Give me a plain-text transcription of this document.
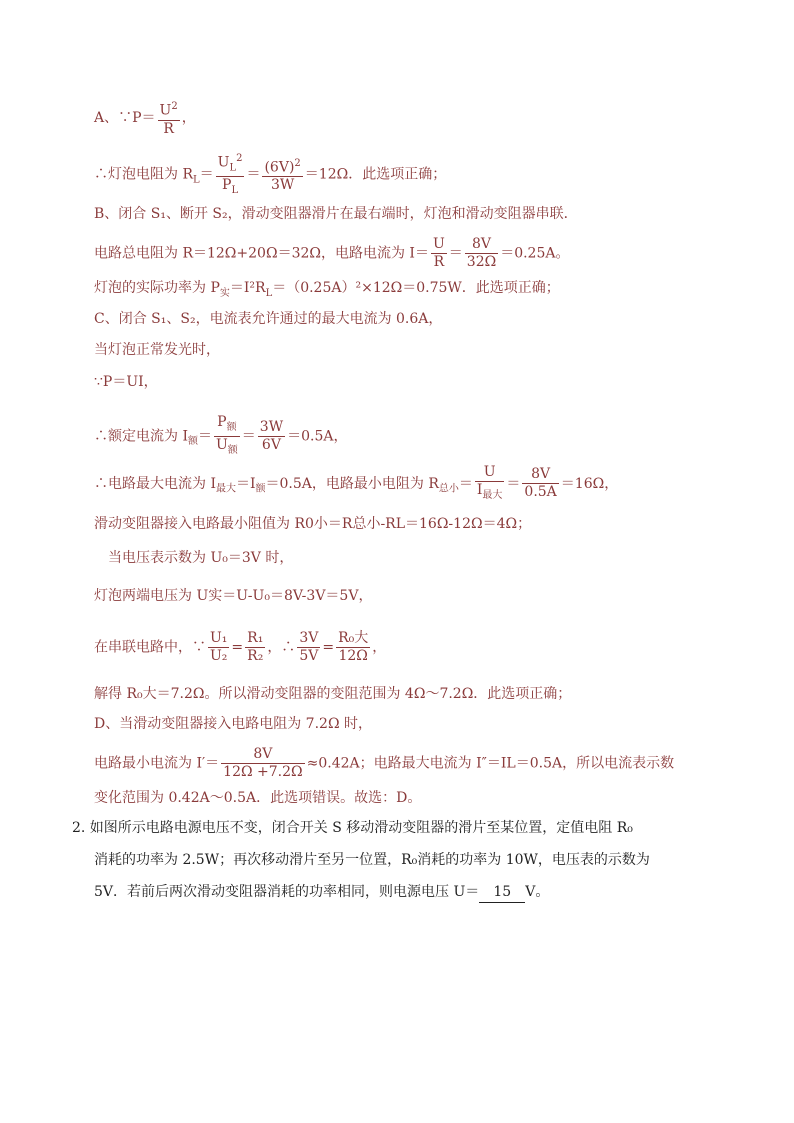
A、∵P＝ $\frac{U^2}{R}$ ，
∴灯泡电阻为 $R_L= \frac{U_L^2}{P_L} = \frac{(6V)^2}{3W} =12\Omega$．此选项正确；
B、闭合 S₁、断开 S₂，滑动变阻器滑片在最右端时，灯泡和滑动变阻器串联．
电路总电阻为 R＝12Ω+20Ω＝32Ω，电路电流为 $I= \frac{U}{R} = \frac{8V}{32\Omega} =0.25A$。
灯泡的实际功率为 $P_实=I^2R_L=(0.25A)^2\times 12\Omega=0.75W$．此选项正确；
C、闭合 S₁、S₂，电流表允许通过的最大电流为 0.6A，
当灯泡正常发光时，
∵P＝UI，
∴额定电流为 $I_额= \frac{P_额}{U_额} = \frac{3W}{6V} =0.5A$，
∴电路最大电流为 $I_{最大}=I_额=0.5A$，电路最小电阻为 $R_{总小}= \frac{U}{I_{最大}} = \frac{8V}{0.5A} =16\Omega$，
滑动变阻器接入电路最小阻值为 R0小＝R总小-RL＝16Ω-12Ω＝4Ω；
当电压表示数为 U₀＝3V 时，
灯泡两端电压为 U实＝U-U₀＝8V-3V＝5V，
在串联电路中，∵ $\frac{\text{U₁}}{\text{U₂}} = \frac{\text{R₁}}{\text{R₂}}$ ，∴ $\frac{3V}{5V} = \frac{\text{R₀大}}{12\Omega}$ ，
解得 R₀大＝7.2Ω。所以滑动变阻器的变阻范围为 4Ω～7.2Ω．此选项正确；
D、当滑动变阻器接入电路电阻为 7.2Ω 时，
电路最小电流为 $I'= \frac{8V}{12\Omega +7.2\Omega} \approx 0.42A$；电路最大电流为 I″＝IL＝0.5A，所以电流表示数
变化范围为 0.42A～0.5A．此选项错误。故选：D。
2. 如图所示电路电源电压不变，闭合开关 S 移动滑动变阻器的滑片至某位置，定值电阻 R₀
消耗的功率为 2.5W；再次移动滑片至另一位置，R₀消耗的功率为 10W，电压表的示数为
5V．若前后两次滑动变阻器消耗的功率相同，则电源电压 U＝ 15 V。
